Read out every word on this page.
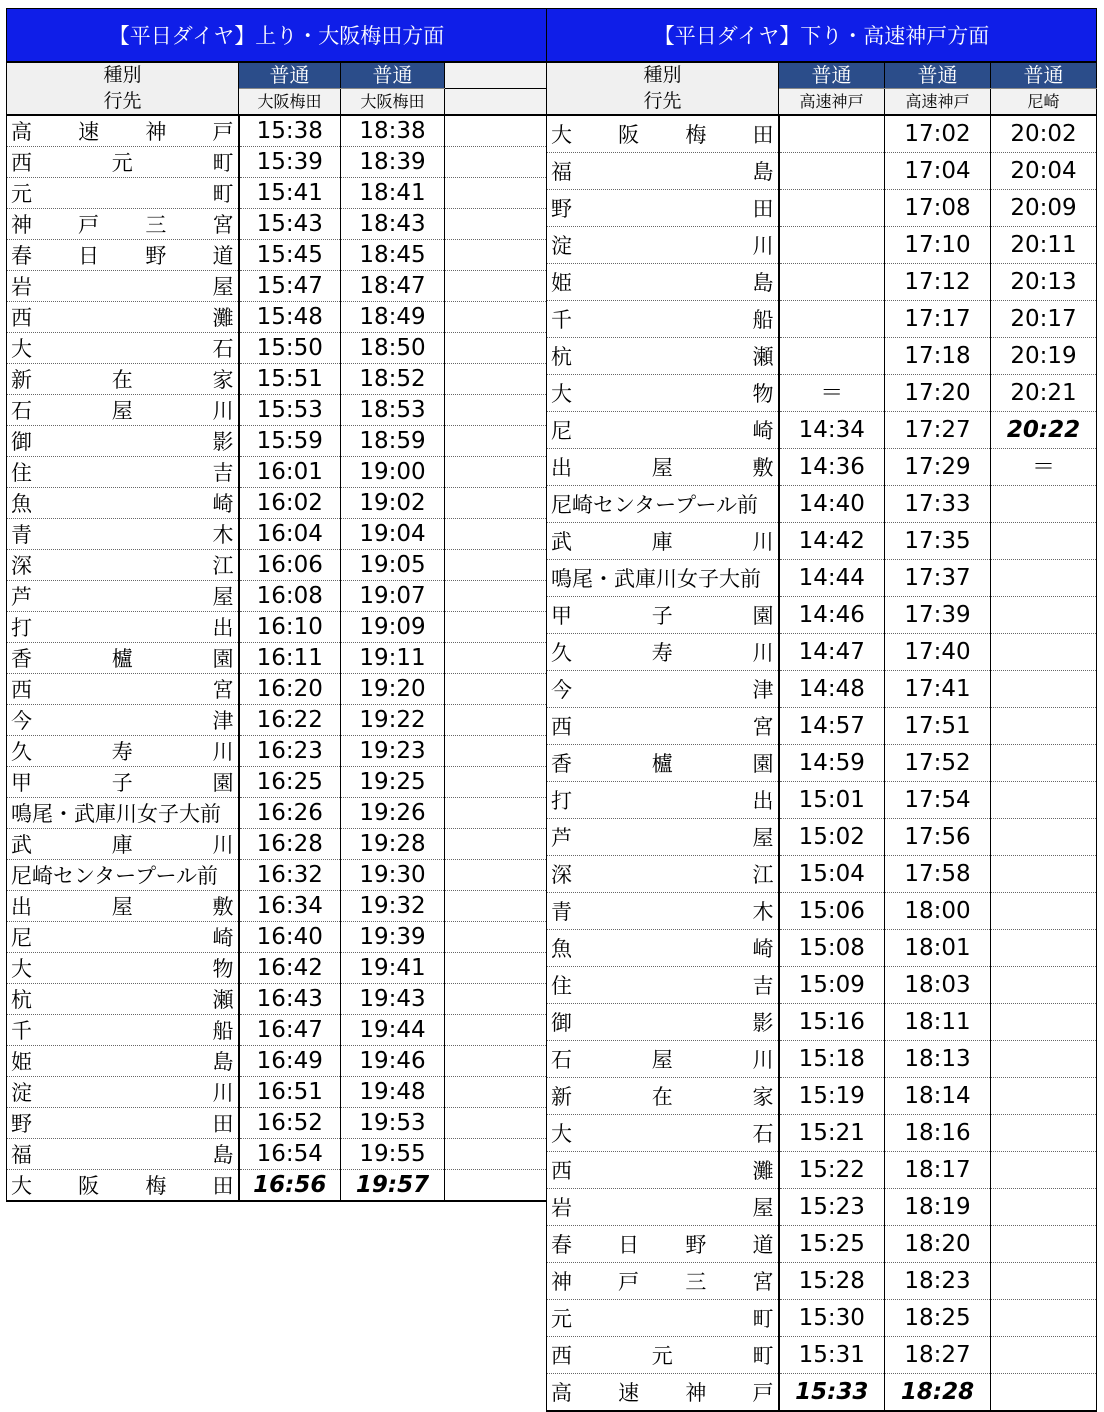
【平日ダイヤ】上り・大阪梅田方面			
種別	普通	普通	
行先	大阪梅田	大阪梅田	

高 速 神 戸	15:38	18:38	

西 元 町	15:39	18:39	

元 町	15:41	18:41	

神 戸 三 宮	15:43	18:43	

春 日 野 道	15:45	18:45	

岩 屋	15:47	18:47	

西 灘	15:48	18:49	

大 石	15:50	18:50	

新 在 家	15:51	18:52	

石 屋 川	15:53	18:53	

御 影	15:59	18:59	

住 吉	16:01	19:00	

魚 崎	16:02	19:02	

青 木	16:04	19:04	

深 江	16:06	19:05	

芦 屋	16:08	19:07	

打 出	16:10	19:09	

香 櫨 園	16:11	19:11	

西 宮	16:20	19:20	

今 津	16:22	19:22	

久 寿 川	16:23	19:23	

甲 子 園	16:25	19:25	
鳴尾・武庫川女子大前	16:26	19:26	

武 庫 川	16:28	19:28	
尼崎センタープール前	16:32	19:30	

出 屋 敷	16:34	19:32	

尼 崎	16:40	19:39	

大 物	16:42	19:41	

杭 瀬	16:43	19:43	

千 船	16:47	19:44	

姫 島	16:49	19:46	

淀 川	16:51	19:48	

野 田	16:52	19:53	

福 島	16:54	19:55	

大 阪 梅 田	16:56	19:57	
【平日ダイヤ】下り・高速神戸方面			
種別	普通	普通	普通
行先	高速神戸	高速神戸	尼崎

大 阪 梅 田		17:02	20:02

福 島		17:04	20:04

野 田		17:08	20:09

淀 川		17:10	20:11

姫 島		17:12	20:13

千 船		17:17	20:17

杭 瀬		17:18	20:19

大 物	＝	17:20	20:21

尼 崎	14:34	17:27	20:22

出 屋 敷	14:36	17:29	＝
尼崎センタープール前	14:40	17:33	

武 庫 川	14:42	17:35	
鳴尾・武庫川女子大前	14:44	17:37	

甲 子 園	14:46	17:39	

久 寿 川	14:47	17:40	

今 津	14:48	17:41	

西 宮	14:57	17:51	

香 櫨 園	14:59	17:52	

打 出	15:01	17:54	

芦 屋	15:02	17:56	

深 江	15:04	17:58	

青 木	15:06	18:00	

魚 崎	15:08	18:01	

住 吉	15:09	18:03	

御 影	15:16	18:11	

石 屋 川	15:18	18:13	

新 在 家	15:19	18:14	

大 石	15:21	18:16	

西 灘	15:22	18:17	

岩 屋	15:23	18:19	

春 日 野 道	15:25	18:20	

神 戸 三 宮	15:28	18:23	

元 町	15:30	18:25	

西 元 町	15:31	18:27	

高 速 神 戸	15:33	18:28	
